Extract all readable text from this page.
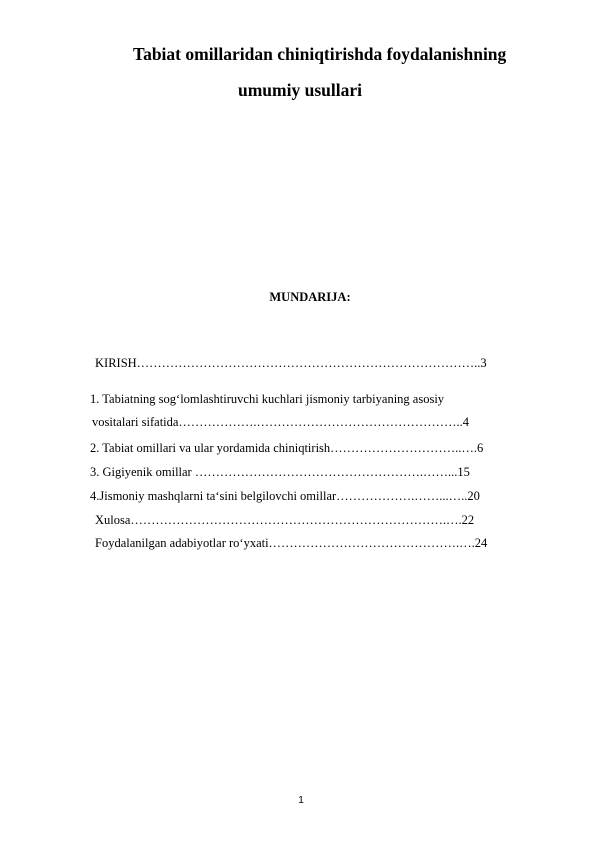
Tabiat omillaridan chiniqtirishda foydalanishning
umumiy usullari
MUNDARIJA:
KIRISH………………………………………………………………………..3
1. Tabiatning sog‘lomlashtiruvchi kuchlari jismoniy tarbiyaning asosiy
vositalari sifatida……………….…………………………………………..4
2. Tabiat omillari va ular yordamida chiniqtirish…………………………..….6
3. Gigiyenik omillar ……………………………………………….……...15
4.Jismoniy mashqlarni ta‘sini belgilovchi omillar……………….……...…..20
Xulosa………………………………………………………………….….22
Foydalanilgan adabiyotlar ro‘yxati……………………………………….….24
1
